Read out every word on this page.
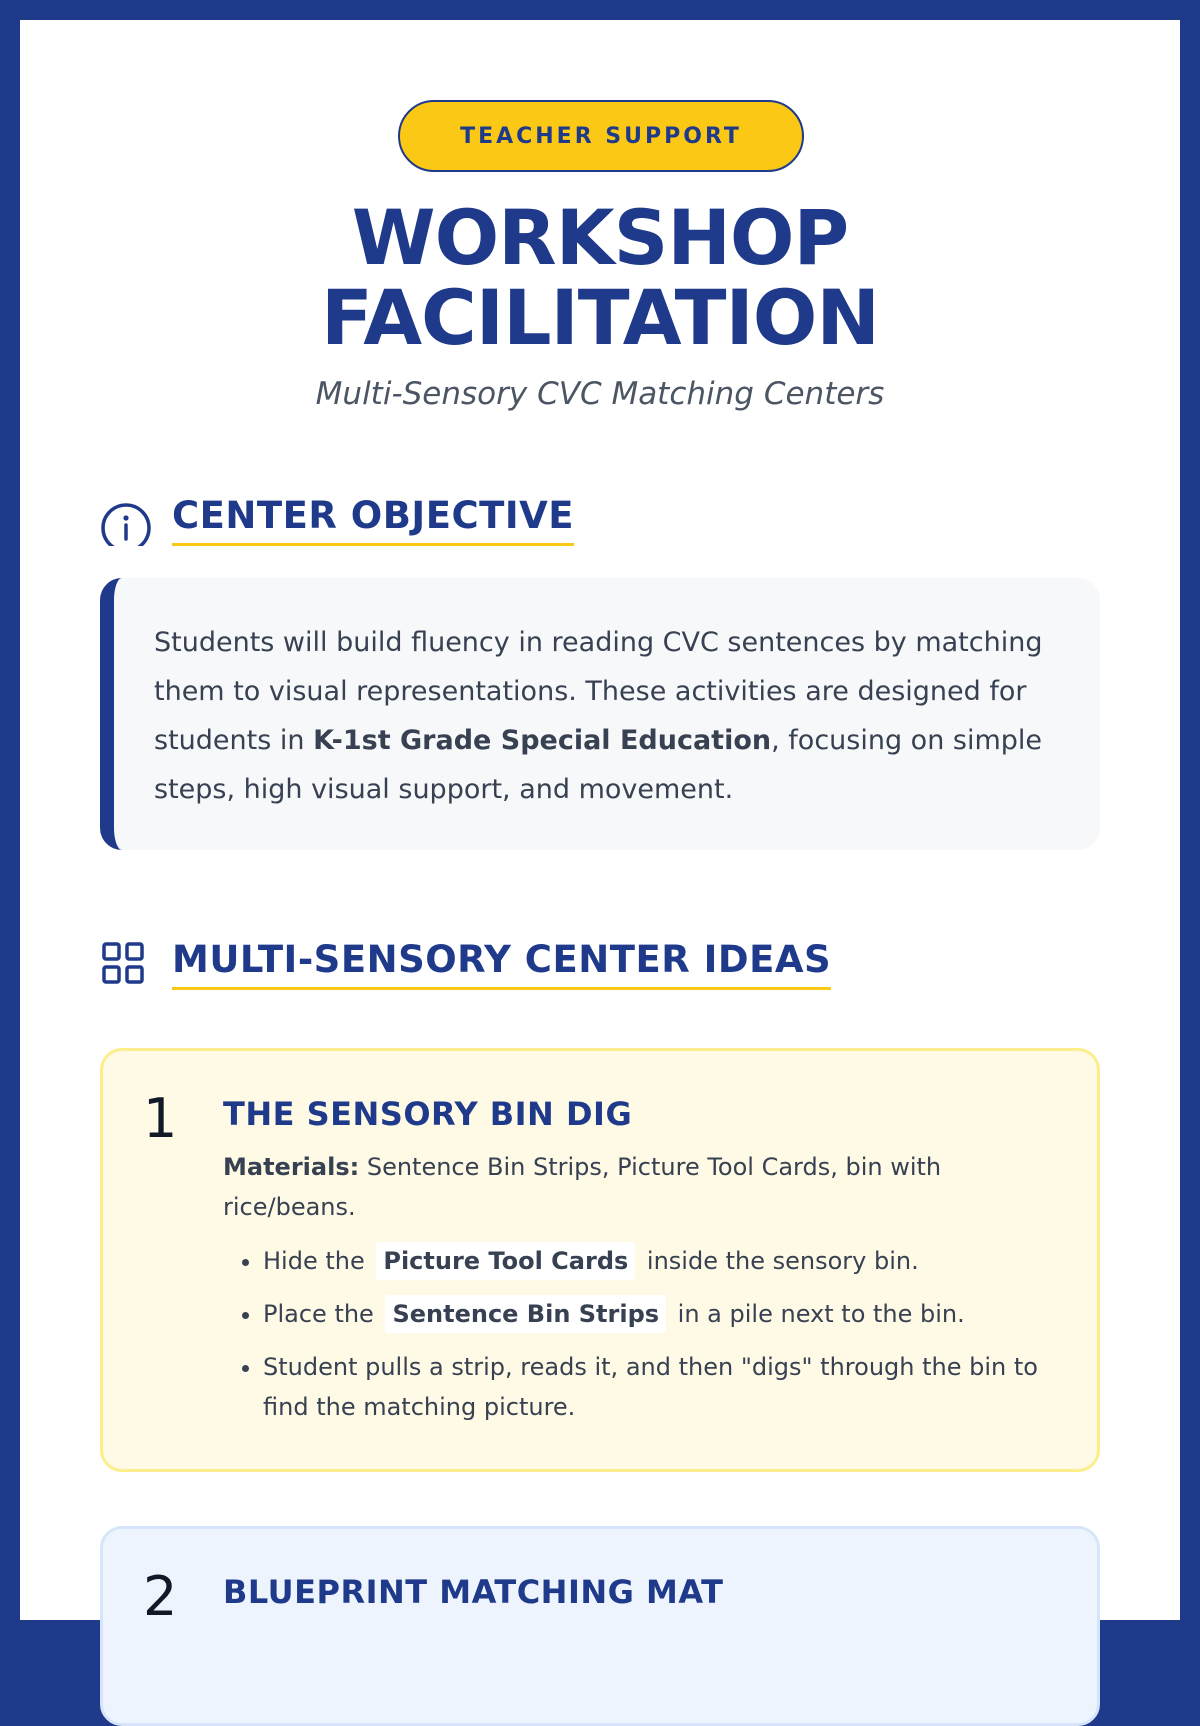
TEACHER SUPPORT
WORKSHOP
FACILITATION
Multi-Sensory CVC Matching Centers
CENTER OBJECTIVE
Students will build fluency in reading CVC sentences by matching them to visual representations. These activities are designed for students in K-1st Grade Special Education, focusing on simple steps, high visual support, and movement.
MULTI-SENSORY CENTER IDEAS
1 THE SENSORY BIN DIG
Materials: Sentence Bin Strips, Picture Tool Cards, bin with rice/beans.
• Hide the Picture Tool Cards inside the sensory bin.
• Place the Sentence Bin Strips in a pile next to the bin.
• Student pulls a strip, reads it, and then "digs" through the bin to find the matching picture.
2 BLUEPRINT MATCHING MAT
